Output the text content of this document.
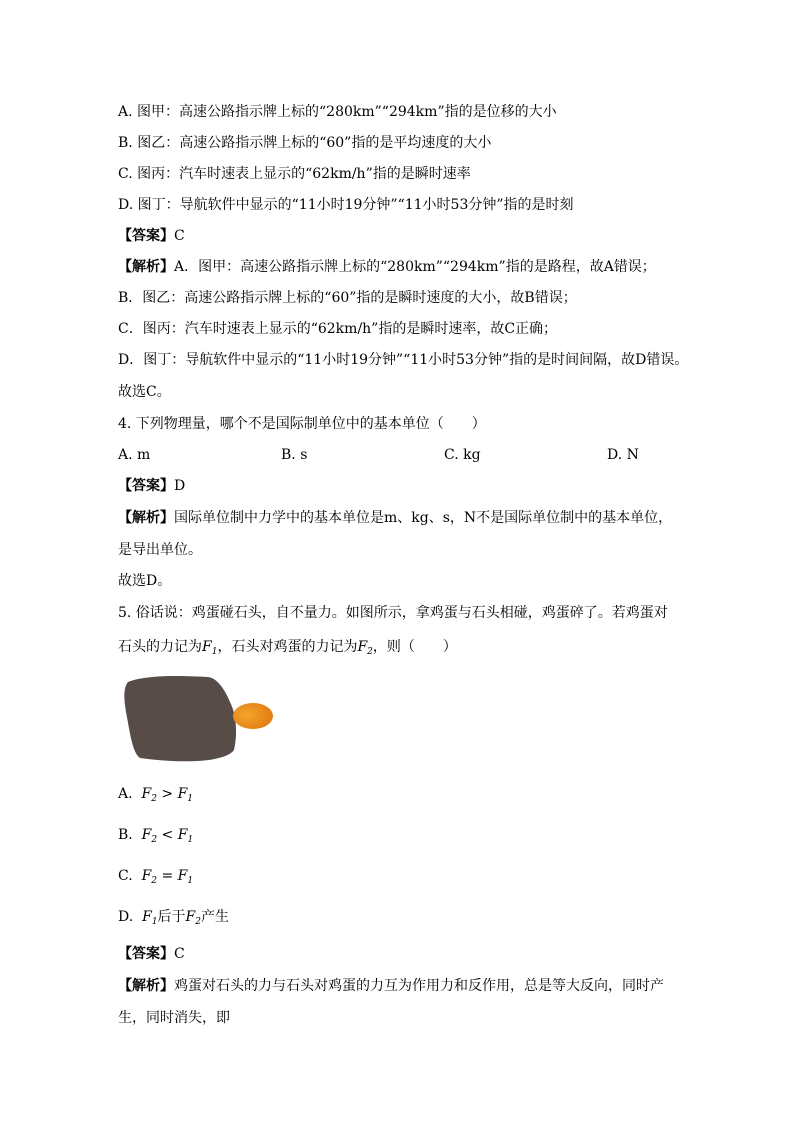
A. 图甲：高速公路指示牌上标的“280km”“294km”指的是位移的大小
B. 图乙：高速公路指示牌上标的“60”指的是平均速度的大小
C. 图丙：汽车时速表上显示的“62km/h”指的是瞬时速率
D. 图丁：导航软件中显示的“11小时19分钟”“11小时53分钟”指的是时刻
【答案】C
【解析】A．图甲：高速公路指示牌上标的“280km”“294km”指的是路程，故A错误；
B．图乙：高速公路指示牌上标的“60”指的是瞬时速度的大小，故B错误；
C．图丙：汽车时速表上显示的“62km/h”指的是瞬时速率，故C正确；
D．图丁：导航软件中显示的“11小时19分钟”“11小时53分钟”指的是时间间隔，故D错误。
故选C。
4. 下列物理量，哪个不是国际制单位中的基本单位（　　）
A. m	B. s	C. kg	D. N
【答案】D
【解析】国际单位制中力学中的基本单位是m、kg、s，N不是国际单位制中的基本单位，
是导出单位。
故选D。
5. 俗话说：鸡蛋碰石头，自不量力。如图所示，拿鸡蛋与石头相碰，鸡蛋碎了。若鸡蛋对
石头的力记为$F_1$，石头对鸡蛋的力记为$F_2$，则（　　）
A. $F_2 > F_1$
B. $F_2 < F_1$
C. $F_2 = F_1$
D. $F_1$后于$F_2$产生
【答案】C
【解析】鸡蛋对石头的力与石头对鸡蛋的力互为作用力和反作用，总是等大反向，同时产
生，同时消失，即
